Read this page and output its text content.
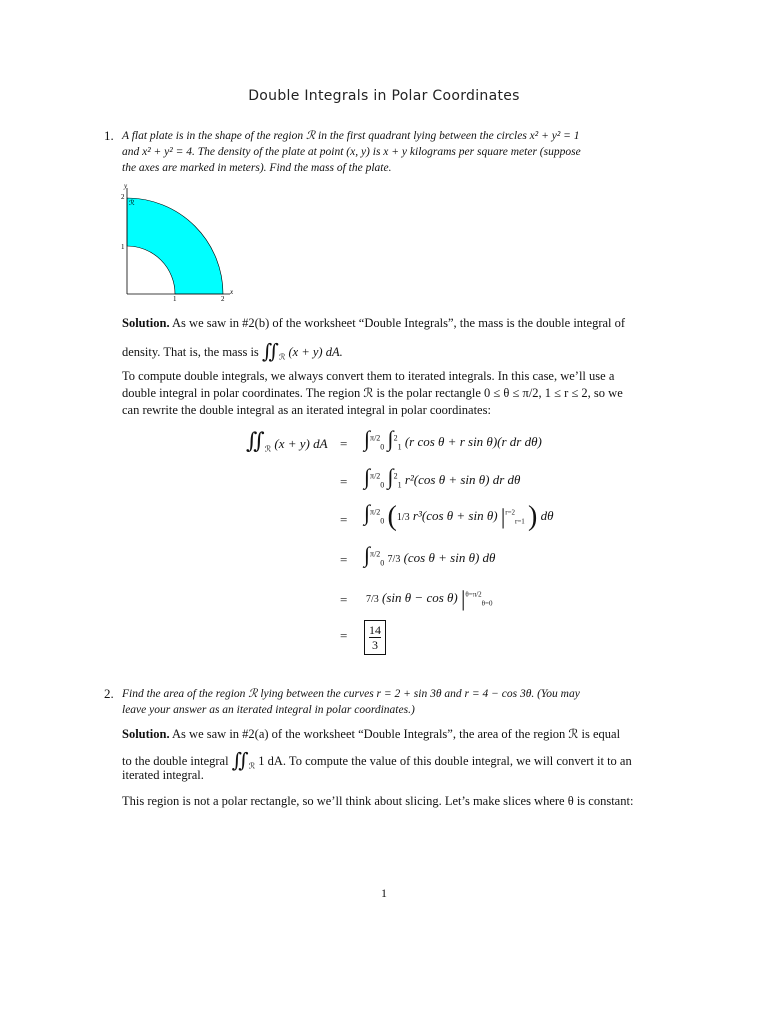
Double Integrals in Polar Coordinates
1. A flat plate is in the shape of the region ℛ in the first quadrant lying between the circles x² + y² = 1
and x² + y² = 4. The density of the plate at point (x, y) is x + y kilograms per square meter (suppose
the axes are marked in meters). Find the mass of the plate.
x
y
ℛ
1	2
1
2
Solution. As we saw in #2(b) of the worksheet “Double Integrals”, the mass is the double integral of
density. That is, the mass is $∬_ℛ$ (x + y) dA.
To compute double integrals, we always convert them to iterated integrals. In this case, we’ll use a
double integral in polar coordinates. The region ℛ is the polar rectangle 0 ≤ θ ≤ π/2, 1 ≤ r ≤ 2, so we
can rewrite the double integral as an iterated integral in polar coordinates:
$∬_ℛ$ (x + y) dA = ∫$^{\pi/2}_0$ ∫$^2_1$ (r cos θ + r sin θ)(r dr dθ)
= ∫$^{\pi/2}_0$ ∫$^2_1$ r²(cos θ + sin θ) dr dθ
= ∫$^{\pi/2}_0$ (1/3 r³(cos θ + sin θ) $|^{r=2}_{r=1}$ ) dθ
= ∫$^{\pi/2}_0$ 7/3 (cos θ + sin θ) dθ
= 7/3 (sin θ − cos θ) $|^{\theta=\pi/2}_{\theta=0}$
= $\frac{14}{3}$
2. Find the area of the region ℛ lying between the curves r = 2 + sin 3θ and r = 4 − cos 3θ. (You may
leave your answer as an iterated integral in polar coordinates.)
Solution. As we saw in #2(a) of the worksheet “Double Integrals”, the area of the region ℛ is equal
to the double integral $∬_ℛ$ 1 dA. To compute the value of this double integral, we will convert it to an
iterated integral.
This region is not a polar rectangle, so we’ll think about slicing. Let’s make slices where θ is constant:
1
